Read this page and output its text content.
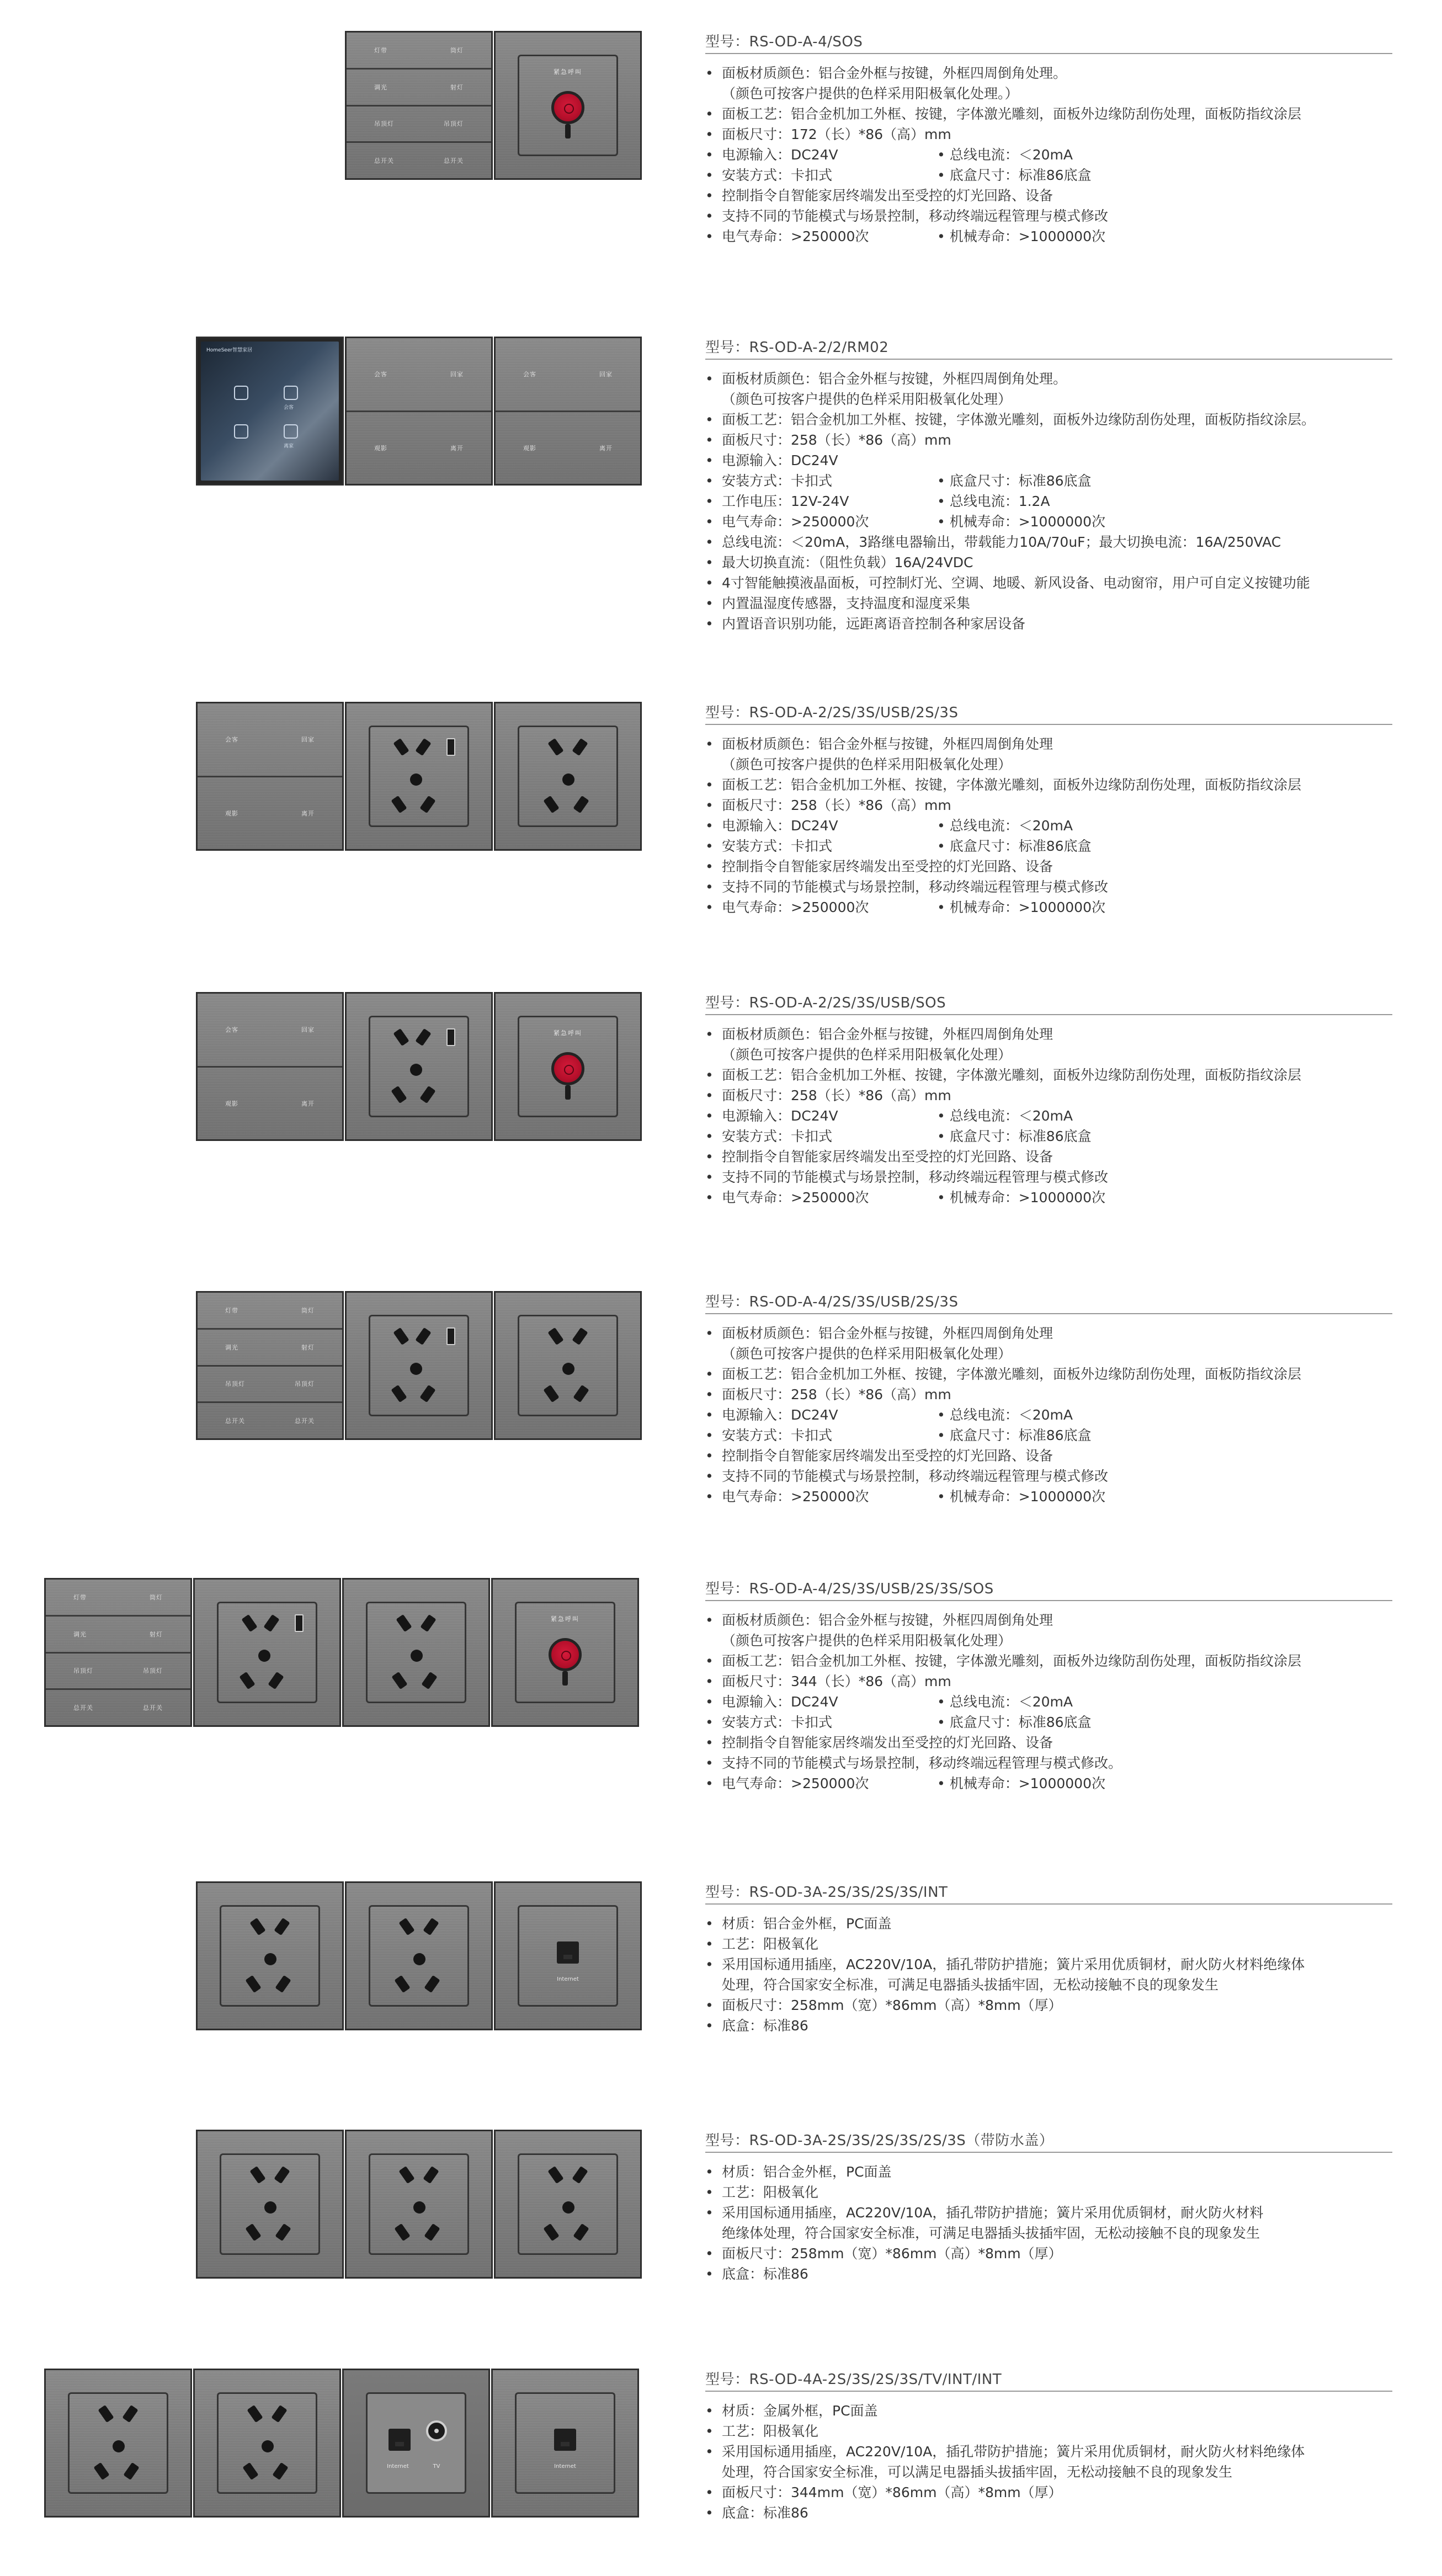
灯带	筒灯
调光	射灯
吊顶灯	吊顶灯
总开关	总开关
紧急呼叫
型号：RS-OD-A-4/SOS
• 面板材质颜色：铝合金外框与按键，外框四周倒角处理。
（颜色可按客户提供的色样采用阳极氧化处理。）
• 面板工艺：铝合金机加工外框、按键，字体激光雕刻，面板外边缘防刮伤处理，面板防指纹涂层
• 面板尺寸：172（长）*86（高）mm
• 电源输入：DC24V	• 总线电流：＜20mA
• 安装方式：卡扣式	• 底盒尺寸：标准86底盒
• 控制指令自智能家居终端发出至受控的灯光回路、设备
• 支持不同的节能模式与场景控制，移动终端远程管理与模式修改
• 电气寿命：>250000次	• 机械寿命：>1000000次
HomeSeer智慧家居
会客
离家
会客	回家
观影	离开
会客	回家
观影	离开
型号：RS-OD-A-2/2/RM02
• 面板材质颜色：铝合金外框与按键，外框四周倒角处理。
（颜色可按客户提供的色样采用阳极氧化处理）
• 面板工艺：铝合金机加工外框、按键，字体激光雕刻，面板外边缘防刮伤处理，面板防指纹涂层。
• 面板尺寸：258（长）*86（高）mm
• 电源输入：DC24V
• 安装方式：卡扣式	• 底盒尺寸：标准86底盒
• 工作电压：12V-24V	• 总线电流：1.2A
• 电气寿命：>250000次	• 机械寿命：>1000000次
• 总线电流：＜20mA，3路继电器输出，带载能力10A/70uF；最大切换电流：16A/250VAC
• 最大切换直流：（阻性负载）16A/24VDC
• 4寸智能触摸液晶面板，可控制灯光、空调、地暖、新风设备、电动窗帘，用户可自定义按键功能
• 内置温湿度传感器，支持温度和湿度采集
• 内置语音识别功能，远距离语音控制各种家居设备
会客	回家
观影	离开
型号：RS-OD-A-2/2S/3S/USB/2S/3S
• 面板材质颜色：铝合金外框与按键，外框四周倒角处理
（颜色可按客户提供的色样采用阳极氧化处理）
• 面板工艺：铝合金机加工外框、按键，字体激光雕刻，面板外边缘防刮伤处理，面板防指纹涂层
• 面板尺寸：258（长）*86（高）mm
• 电源输入：DC24V	• 总线电流：＜20mA
• 安装方式：卡扣式	• 底盒尺寸：标准86底盒
• 控制指令自智能家居终端发出至受控的灯光回路、设备
• 支持不同的节能模式与场景控制，移动终端远程管理与模式修改
• 电气寿命：>250000次	• 机械寿命：>1000000次
会客	回家
观影	离开
紧急呼叫
型号：RS-OD-A-2/2S/3S/USB/SOS
• 面板材质颜色：铝合金外框与按键，外框四周倒角处理
（颜色可按客户提供的色样采用阳极氧化处理）
• 面板工艺：铝合金机加工外框、按键，字体激光雕刻，面板外边缘防刮伤处理，面板防指纹涂层
• 面板尺寸：258（长）*86（高）mm
• 电源输入：DC24V	• 总线电流：＜20mA
• 安装方式：卡扣式	• 底盒尺寸：标准86底盒
• 控制指令自智能家居终端发出至受控的灯光回路、设备
• 支持不同的节能模式与场景控制，移动终端远程管理与模式修改
• 电气寿命：>250000次	• 机械寿命：>1000000次
灯带	筒灯
调光	射灯
吊顶灯	吊顶灯
总开关	总开关
型号：RS-OD-A-4/2S/3S/USB/2S/3S
• 面板材质颜色：铝合金外框与按键，外框四周倒角处理
（颜色可按客户提供的色样采用阳极氧化处理）
• 面板工艺：铝合金机加工外框、按键，字体激光雕刻，面板外边缘防刮伤处理，面板防指纹涂层
• 面板尺寸：258（长）*86（高）mm
• 电源输入：DC24V	• 总线电流：＜20mA
• 安装方式：卡扣式	• 底盒尺寸：标准86底盒
• 控制指令自智能家居终端发出至受控的灯光回路、设备
• 支持不同的节能模式与场景控制，移动终端远程管理与模式修改
• 电气寿命：>250000次	• 机械寿命：>1000000次
灯带	筒灯
调光	射灯
吊顶灯	吊顶灯
总开关	总开关
紧急呼叫
型号：RS-OD-A-4/2S/3S/USB/2S/3S/SOS
• 面板材质颜色：铝合金外框与按键，外框四周倒角处理
（颜色可按客户提供的色样采用阳极氧化处理）
• 面板工艺：铝合金机加工外框、按键，字体激光雕刻，面板外边缘防刮伤处理，面板防指纹涂层
• 面板尺寸：344（长）*86（高）mm
• 电源输入：DC24V	• 总线电流：＜20mA
• 安装方式：卡扣式	• 底盒尺寸：标准86底盒
• 控制指令自智能家居终端发出至受控的灯光回路、设备
• 支持不同的节能模式与场景控制，移动终端远程管理与模式修改。
• 电气寿命：>250000次	• 机械寿命：>1000000次
Internet
型号：RS-OD-3A-2S/3S/2S/3S/INT
• 材质：铝合金外框，PC面盖
• 工艺：阳极氧化
• 采用国标通用插座，AC220V/10A，插孔带防护措施；簧片采用优质铜材，耐火防火材料绝缘体
处理，符合国家安全标准，可满足电器插头拔插牢固，无松动接触不良的现象发生
• 面板尺寸：258mm（宽）*86mm（高）*8mm（厚）
• 底盒：标准86
型号：RS-OD-3A-2S/3S/2S/3S/2S/3S（带防水盖）
• 材质：铝合金外框，PC面盖
• 工艺：阳极氧化
• 采用国标通用插座，AC220V/10A，插孔带防护措施；簧片采用优质铜材，耐火防火材料
绝缘体处理，符合国家安全标准，可满足电器插头拔插牢固，无松动接触不良的现象发生
• 面板尺寸：258mm（宽）*86mm（高）*8mm（厚）
• 底盒：标准86
Internet	TV	Internet
型号：RS-OD-4A-2S/3S/2S/3S/TV/INT/INT
• 材质：金属外框，PC面盖
• 工艺：阳极氧化
• 采用国标通用插座，AC220V/10A，插孔带防护措施；簧片采用优质铜材，耐火防火材料绝缘体
处理，符合国家安全标准，可以满足电器插头拔插牢固，无松动接触不良的现象发生
• 面板尺寸：344mm（宽）*86mm（高）*8mm（厚）
• 底盒：标准86
